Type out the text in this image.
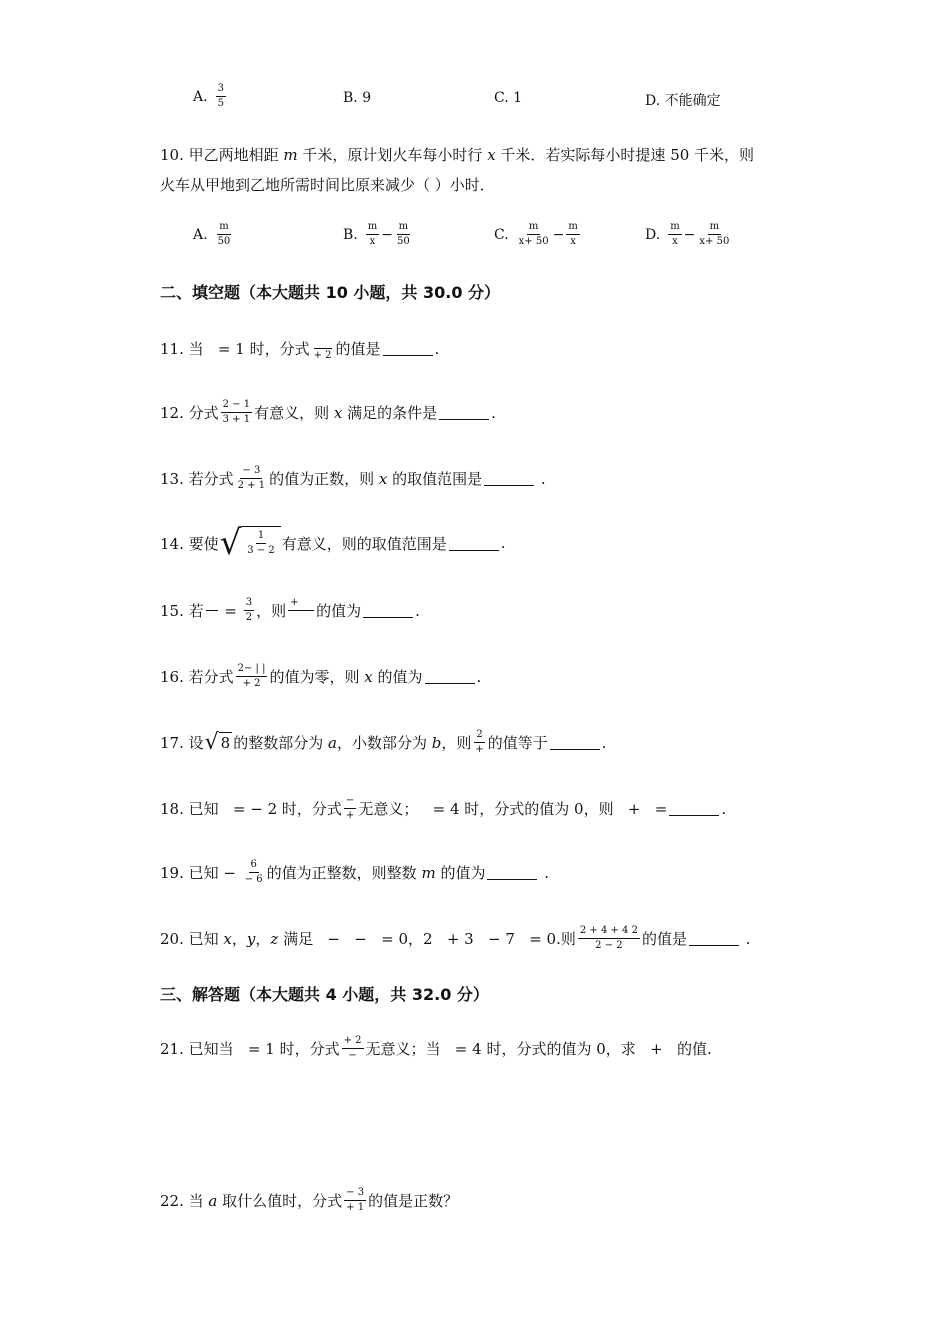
A. $\frac{3}{5}$	B. 9	C. 1	D. 不能确定
10. 甲乙两地相距 m 千米，原计划火车每小时行 x 千米．若实际每小时提速 50 千米，则
火车从甲地到乙地所需时间比原来减少（ ）小时．
A. $\frac{m}{50}$	B. $\frac{m}{x} - \frac{m}{50}$	C. $\frac{m}{x+ 50} - \frac{m}{x}$	D. $\frac{m}{x} - \frac{m}{x+ 50}$
二、填空题（本大题共 10 小题，共 30.0 分）
11. 当   = 1 时，分式 + 2 的值是	.
12. 分式 $\frac{2 - 1}{3 + 1}$ 有意义，则 x 满足的条件是	.
13. 若分式 $\frac{- 3}{2 + 1}$ 的值为正数，则 x 的取值范围是	.
14. 要使 √ $\frac{1}{3 - 2}$ 有意义，则的取值范围是	.
15. 若 = $\frac{3}{2}$ ，则 +	的值为	.
16. 若分式 $\frac{2- | |}{+ 2}$ 的值为零，则 x 的值为	.
17. 设 √ 8 的整数部分为 a ，小数部分为 b ，则 $\frac{2}{+}$ 的值等于	.
18. 已知   = − 2 时，分式 $\frac{-}{+}$ 无意义；   = 4 时，分式的值为 0，则   +   =	.
19. 已知 − $\frac{6}{- 6}$ 的值为正整数，则整数 m 的值为	.
20. 已知 x ， y ， z 满足   −   −   = 0，2   + 3   − 7   = 0.则 $\frac{2 + 4 + 4 2}{2 - 2}$ 的值是	.
三、解答题（本大题共 4 小题，共 32.0 分）
21. 已知当   = 1 时，分式 $\frac{+ 2}{-}$ 无意义；当   = 4 时，分式的值为 0，求   +   的值.
22. 当 a 取什么值时，分式 $\frac{- 3}{+ 1}$ 的值是正数？
